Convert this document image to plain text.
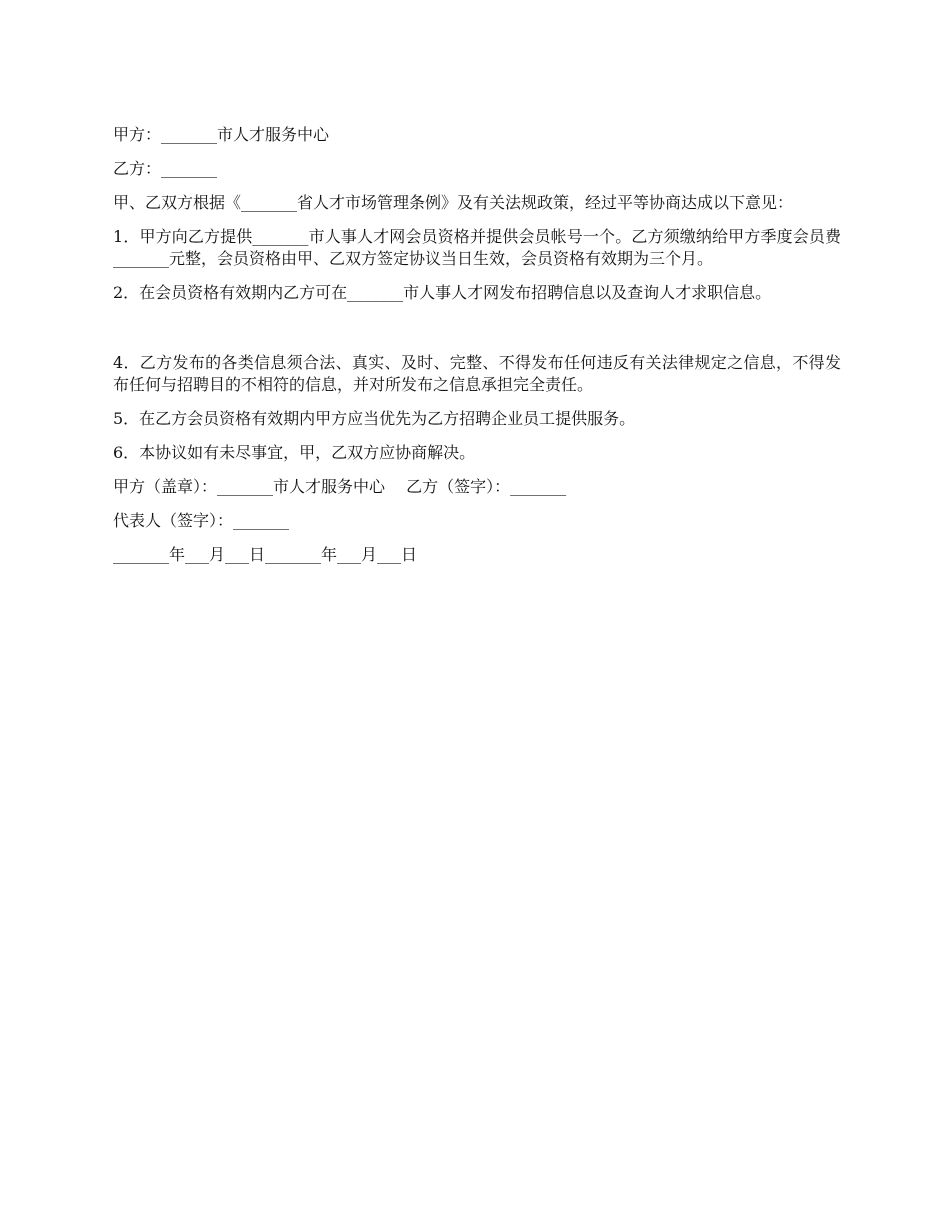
甲方：_______市人才服务中心

乙方：_______

甲、乙双方根据《_______省人才市场管理条例》及有关法规政策，经过平等协商达成以下意见：

1．甲方向乙方提供_______市人事人才网会员资格并提供会员帐号一个。乙方须缴纳给甲方季度会员费_______元整，会员资格由甲、乙双方签定协议当日生效，会员资格有效期为三个月。

2．在会员资格有效期内乙方可在_______市人事人才网发布招聘信息以及查询人才求职信息。

4．乙方发布的各类信息须合法、真实、及时、完整、不得发布任何违反有关法律规定之信息，不得发布任何与招聘目的不相符的信息，并对所发布之信息承担完全责任。

5．在乙方会员资格有效期内甲方应当优先为乙方招聘企业员工提供服务。

6．本协议如有未尽事宜，甲，乙双方应协商解决。

甲方（盖章）：_______市人才服务中心　 乙方（签字）：_______

代表人（签字）：_______

_______年___月___日_______年___月___日
